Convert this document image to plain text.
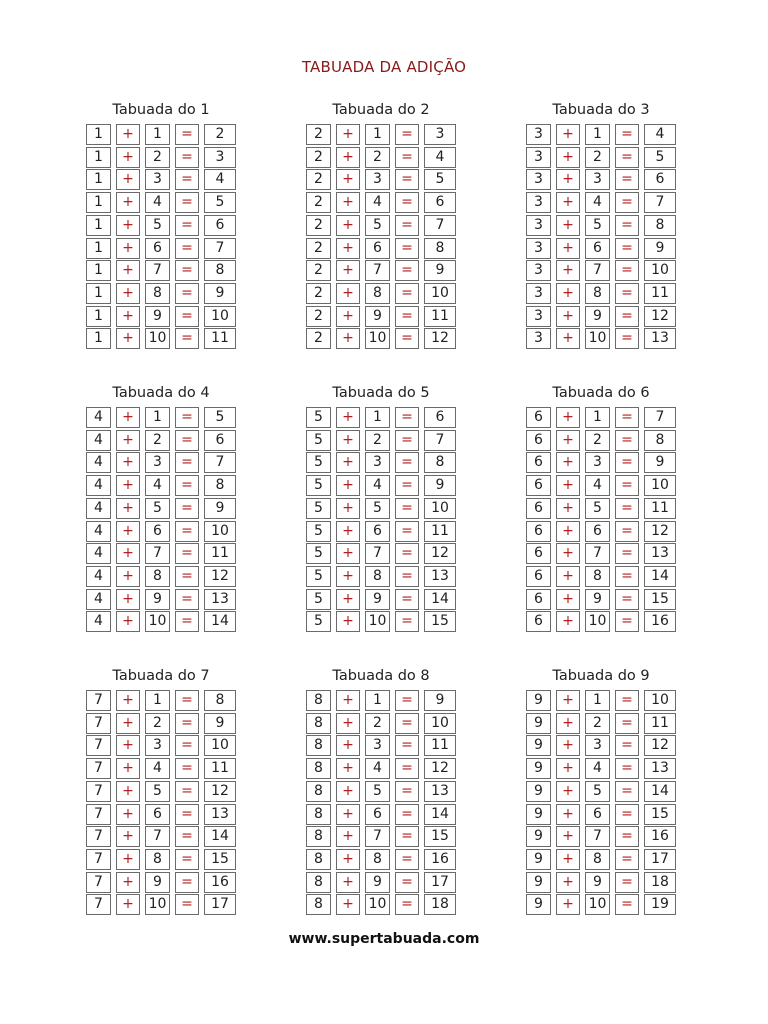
TABUADA DA ADIÇÃO
Tabuada do 1
1	+	1	=	2
1	+	2	=	3
1	+	3	=	4
1	+	4	=	5
1	+	5	=	6
1	+	6	=	7
1	+	7	=	8
1	+	8	=	9
1	+	9	=	10
1	+	10	=	11
Tabuada do 2
2	+	1	=	3
2	+	2	=	4
2	+	3	=	5
2	+	4	=	6
2	+	5	=	7
2	+	6	=	8
2	+	7	=	9
2	+	8	=	10
2	+	9	=	11
2	+	10	=	12
Tabuada do 3
3	+	1	=	4
3	+	2	=	5
3	+	3	=	6
3	+	4	=	7
3	+	5	=	8
3	+	6	=	9
3	+	7	=	10
3	+	8	=	11
3	+	9	=	12
3	+	10	=	13
Tabuada do 4
4	+	1	=	5
4	+	2	=	6
4	+	3	=	7
4	+	4	=	8
4	+	5	=	9
4	+	6	=	10
4	+	7	=	11
4	+	8	=	12
4	+	9	=	13
4	+	10	=	14
Tabuada do 5
5	+	1	=	6
5	+	2	=	7
5	+	3	=	8
5	+	4	=	9
5	+	5	=	10
5	+	6	=	11
5	+	7	=	12
5	+	8	=	13
5	+	9	=	14
5	+	10	=	15
Tabuada do 6
6	+	1	=	7
6	+	2	=	8
6	+	3	=	9
6	+	4	=	10
6	+	5	=	11
6	+	6	=	12
6	+	7	=	13
6	+	8	=	14
6	+	9	=	15
6	+	10	=	16
Tabuada do 7
7	+	1	=	8
7	+	2	=	9
7	+	3	=	10
7	+	4	=	11
7	+	5	=	12
7	+	6	=	13
7	+	7	=	14
7	+	8	=	15
7	+	9	=	16
7	+	10	=	17
Tabuada do 8
8	+	1	=	9
8	+	2	=	10
8	+	3	=	11
8	+	4	=	12
8	+	5	=	13
8	+	6	=	14
8	+	7	=	15
8	+	8	=	16
8	+	9	=	17
8	+	10	=	18
Tabuada do 9
9	+	1	=	10
9	+	2	=	11
9	+	3	=	12
9	+	4	=	13
9	+	5	=	14
9	+	6	=	15
9	+	7	=	16
9	+	8	=	17
9	+	9	=	18
9	+	10	=	19
www.supertabuada.com
